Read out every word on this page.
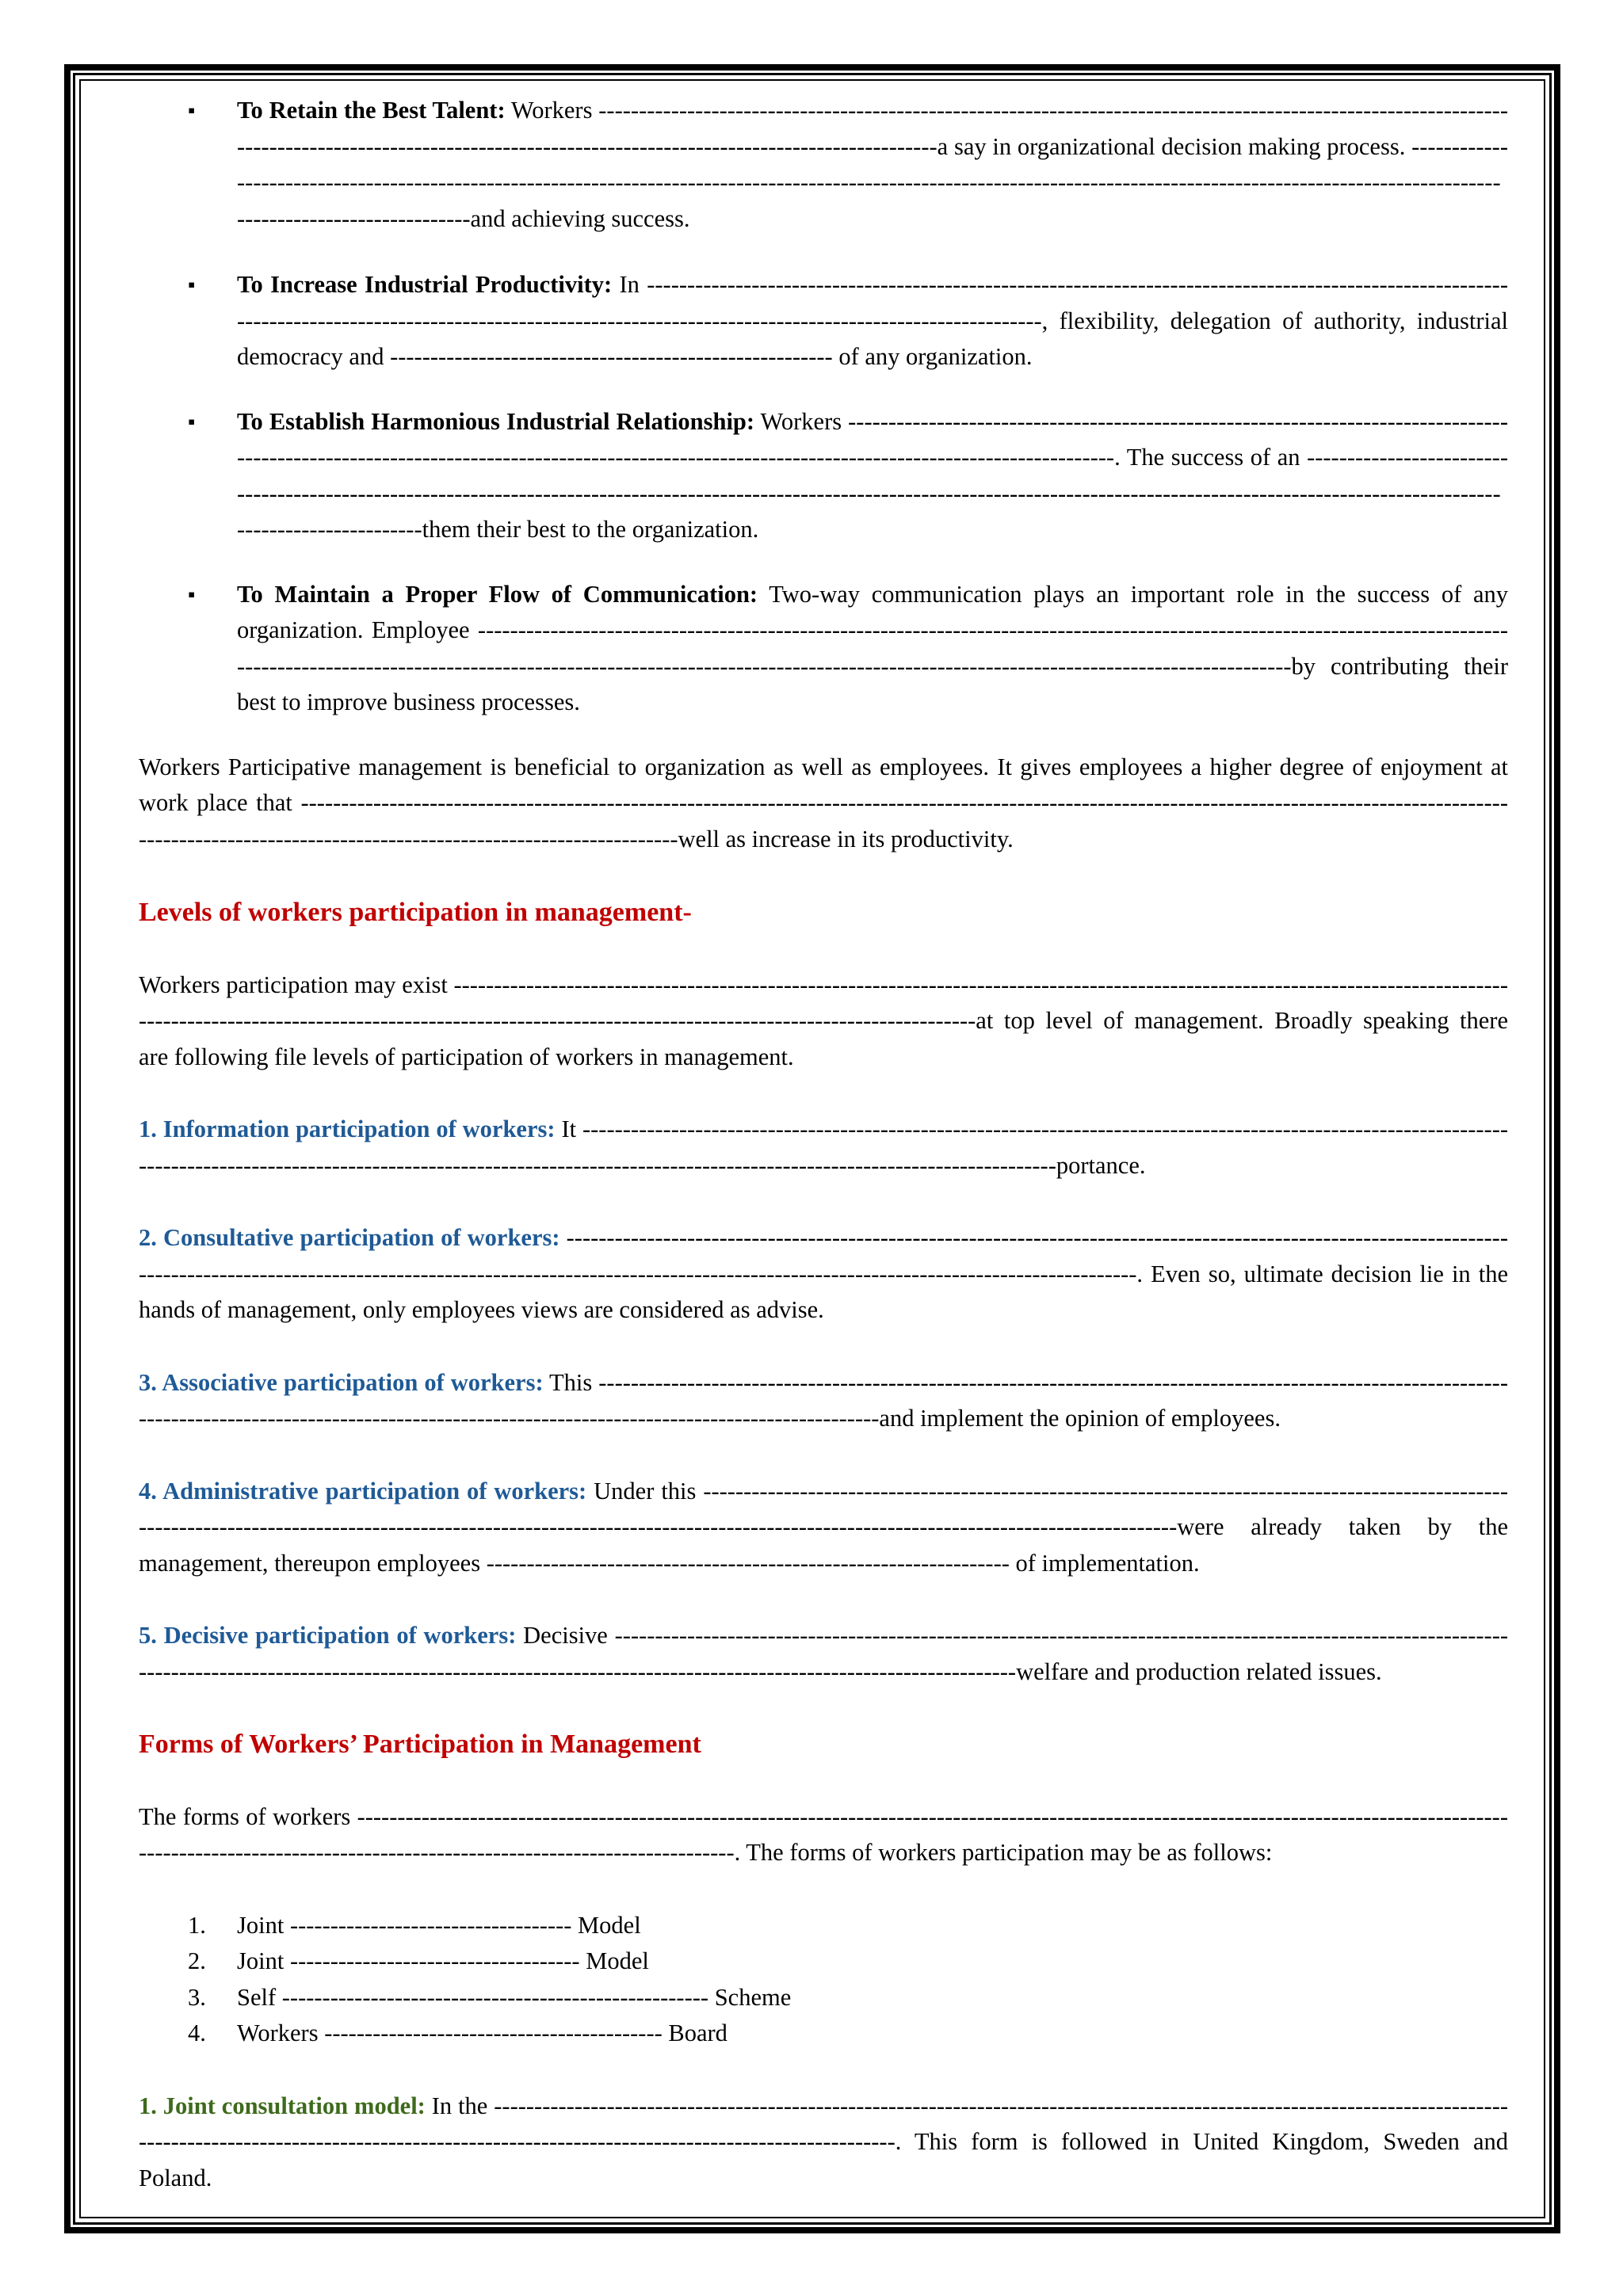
▪ To Retain the Best Talent: Workers --------------------------------------------------------------------------------------------------------------------------------------------------------------------------------------------------------a say in organizational decision making process. ------------------------------------------------------------------------------------------------------------------------------------------------------------------------------------------------------and achieving success.

▪ To Increase Industrial Productivity: In ---------------------------------------------------------------------------------------------------------------------------------------------------------------------------------------------------------------, flexibility, delegation of authority, industrial democracy and ------------------------------------------------------- of any organization.

▪ To Establish Harmonious Industrial Relationship: Workers -----------------------------------------------------------------------------------------------------------------------------------------------------------------------------------------------. The success of an -------------------------------------------------------------------------------------------------------------------------------------------------------------------------------------------------------------them their best to the organization.

▪ To Maintain a Proper Flow of Communication: Two-way communication plays an important role in the success of any organization. Employee -------------------------------------------------------------------------------------------------------------------------------------------------------------------------------------------------------------------------------------------------------------------by contributing their best to improve business processes.

Workers Participative management is beneficial to organization as well as employees. It gives employees a higher degree of enjoyment at work place that -------------------------------------------------------------------------------------------------------------------------------------------------------------------------------------------------------------------------well as increase in its productivity.

Levels of workers participation in management-

Workers participation may exist -------------------------------------------------------------------------------------------------------------------------------------------------------------------------------------------------------------------------------------------at top level of management. Broadly speaking there are following file levels of participation of workers in management.

1. Information participation of workers: It -------------------------------------------------------------------------------------------------------------------------------------------------------------------------------------------------------------------------------------portance.

2. Consultative participation of workers: -------------------------------------------------------------------------------------------------------------------------------------------------------------------------------------------------------------------------------------------------. Even so, ultimate decision lie in the hands of management, only employees views are considered as advise.

3. Associative participation of workers: This -------------------------------------------------------------------------------------------------------------------------------------------------------------------------------------------------------------and implement the opinion of employees.

4. Administrative participation of workers: Under this -------------------------------------------------------------------------------------------------------------------------------------------------------------------------------------------------------------------------------------were already taken by the management, thereupon employees ----------------------------------------------------------------- of implementation.

5. Decisive participation of workers: Decisive ----------------------------------------------------------------------------------------------------------------------------------------------------------------------------------------------------------------------------welfare and production related issues.

Forms of Workers’ Participation in Management

The forms of workers -------------------------------------------------------------------------------------------------------------------------------------------------------------------------------------------------------------------------. The forms of workers participation may be as follows:

1. Joint ----------------------------------- Model
2. Joint ------------------------------------ Model
3. Self ----------------------------------------------------- Scheme
4. Workers ------------------------------------------ Board

1. Joint consultation model: In the ----------------------------------------------------------------------------------------------------------------------------------------------------------------------------------------------------------------------------. This form is followed in United Kingdom, Sweden and Poland.
